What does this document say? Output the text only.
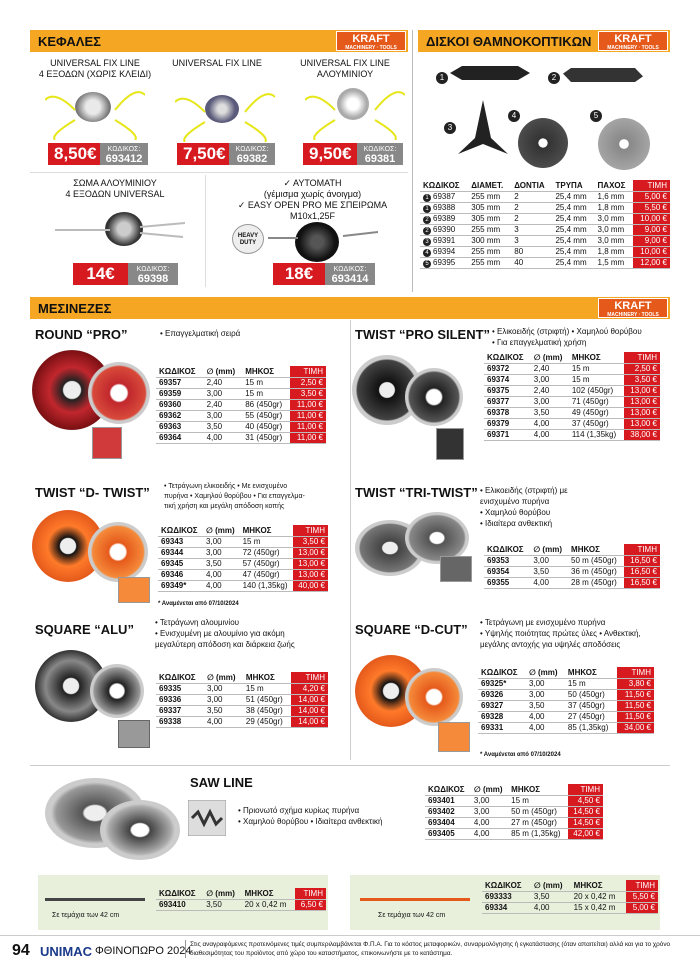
ΚΕΦΑΛΕΣ	KRAFT
MACHINERY · TOOLS	ΔΙΣΚΟΙ ΘΑΜΝΟΚΟΠΤΙΚΩΝ	KRAFT
MACHINERY · TOOLS
UNIVERSAL FIX LINE
4 ΕΞΟΔΩΝ (ΧΩΡΙΣ ΚΛΕΙΔΙ)
8,50€	ΚΩΔΙΚΟΣ:
693412
UNIVERSAL FIX LINE
7,50€	ΚΩΔΙΚΟΣ:
69382
UNIVERSAL FIX LINE
ΑΛΟΥΜΙΝΙΟΥ
9,50€	ΚΩΔΙΚΟΣ:
69381
ΣΩΜΑ ΑΛΟΥΜΙΝΙΟΥ
4 ΕΞΟΔΩΝ UNIVERSAL
14€	ΚΩΔΙΚΟΣ:
69398
✓ ΑΥΤΟΜΑΤΗ
(γέμισμα χωρίς άνοιγμα)
✓ EASY OPEN PRO ΜΕ ΣΠΕΙΡΩΜΑ M10x1,25F
HEAVY DUTY
18€	ΚΩΔΙΚΟΣ:
693414
1	2
3
4	5
ΚΩΔΙΚΟΣ	ΔΙΑΜΕΤ.	ΔΟΝΤΙΑ	ΤΡΥΠΑ	ΠΑΧΟΣ	ΤΙΜΗ
1 69387	255 mm	2	25,4 mm	1,6 mm	5,00 €
1 69388	305 mm	2	25,4 mm	1,8 mm	5,50 €
2 69389	305 mm	2	25,4 mm	3,0 mm	10,00 €
2 69390	255 mm	3	25,4 mm	3,0 mm	9,00 €
3 69391	300 mm	3	25,4 mm	3,0 mm	9,00 €
4 69394	255 mm	80	25,4 mm	1,8 mm	10,00 €
5 69395	255 mm	40	25,4 mm	1,5 mm	12,00 €
ΜΕΣΙΝΕΖΕΣ	KRAFT
MACHINERY · TOOLS
ROUND “PRO”	• Επαγγελματική σειρά
ΚΩΔΙΚΟΣ	∅ (mm)	ΜΗΚΟΣ	ΤΙΜΗ
69357	2,40	15 m	2,50 €
69359	3,00	15 m	3,50 €
69360	2,40	86 (450gr)	11,00 €
69362	3,00	55 (450gr)	11,00 €
69363	3,50	40 (450gr)	11,00 €
69364	4,00	31 (450gr)	11,00 €
TWIST “PRO SILENT” • Ελικοειδής (στριφτή) • Χαμηλού θορύβου
• Για επαγγελματική χρήση
ΚΩΔΙΚΟΣ	∅ (mm)	ΜΗΚΟΣ	ΤΙΜΗ
69372	2,40	15 m	2,50 €
69374	3,00	15 m	3,50 €
69375	2,40	102 (450gr)	13,00 €
69377	3,00	71 (450gr)	13,00 €
69378	3,50	49 (450gr)	13,00 €
69379	4,00	37 (450gr)	13,00 €
69371	4,00	114 (1,35kg)	38,00 €
TWIST “D- TWIST” • Τετράγωνη ελικοειδής • Με ενισχυμένο
πυρήνα • Χαμηλού θορύβου • Για επαγγελμα-
τική χρήση και μεγάλη απόδοση κοπής
ΚΩΔΙΚΟΣ	∅ (mm)	ΜΗΚΟΣ	ΤΙΜΗ
69343	3,00	15 m	3,50 €
69344	3,00	72 (450gr)	13,00 €
69345	3,50	57 (450gr)	13,00 €
69346	4,00	47 (450gr)	13,00 €
69349*	4,00	140 (1,35kg)	40,00 €
* Αναμένεται από 07/10/2024
TWIST “TRI-TWIST” • Ελικοειδής (στριφτή) με
ενισχυμένο πυρήνα
• Χαμηλού θορύβου
• Ιδιαίτερα ανθεκτική
ΚΩΔΙΚΟΣ	∅ (mm)	ΜΗΚΟΣ	ΤΙΜΗ
69353	3,00	50 m (450gr)	16,50 €
69354	3,50	36 m (450gr)	16,50 €
69355	4,00	28 m (450gr)	16,50 €
SQUARE “ALU”	• Τετράγωνη αλουμινίου
• Ενισχυμένη με αλουμίνιο για ακόμη
μεγαλύτερη απόδοση και διάρκεια ζωής
ΚΩΔΙΚΟΣ	∅ (mm)	ΜΗΚΟΣ	ΤΙΜΗ
69335	3,00	15 m	4,20 €
69336	3,00	51 (450gr)	14,00 €
69337	3,50	38 (450gr)	14,00 €
69338	4,00	29 (450gr)	14,00 €
SQUARE “D-CUT” • Τετράγωνη με ενισχυμένο πυρήνα
• Υψηλής ποιότητας πρώτες ύλες • Ανθεκτική,
μεγάλης αντοχής για υψηλές αποδόσεις
ΚΩΔΙΚΟΣ	∅ (mm)	ΜΗΚΟΣ	ΤΙΜΗ
69325*	3,00	15 m	3,80 €
69326	3,00	50 (450gr)	11,50 €
69327	3,50	37 (450gr)	11,50 €
69328	4,00	27 (450gr)	11,50 €
69331	4,00	85 (1,35kg)	34,00 €
* Αναμένεται από 07/10/2024
SAW LINE
• Πριονωτό σχήμα κυρίως πυρήνα
• Χαμηλού θορύβου • Ιδιαίτερα ανθεκτική
ΚΩΔΙΚΟΣ	∅ (mm)	ΜΗΚΟΣ	ΤΙΜΗ
693401	3,00	15 m	4,50 €
693402	3,00	50 m (450gr)	14,50 €
693404	4,00	27 m (450gr)	14,50 €
693405	4,00	85 m (1,35kg)	42,00 €
Σε τεμάχια των 42 cm
ΚΩΔΙΚΟΣ	∅ (mm)	ΜΗΚΟΣ	ΤΙΜΗ
693410	3,50	20 x 0,42 m	6,50 €
Σε τεμάχια των 42 cm
ΚΩΔΙΚΟΣ	∅ (mm)	ΜΗΚΟΣ	ΤΙΜΗ
693333	3,50	20 x 0,42 m	5,50 €
69334	4,00	15 x 0,42 m	5,00 €
94 UNIMAC ΦΘΙΝΟΠΩΡΟ 2024
Στις αναγραφόμενες προτεινόμενες τιμές συμπεριλαμβάνεται Φ.Π.Α. Για το κόστος μεταφορικών, συναρμολόγησης ή εγκατάστασης (όταν απαιτείται) αλλά και για το χρόνο διαθεσιμότητας του προϊόντος από χώρο του καταστήματος, επικοινωνήστε με το κατάστημα.
